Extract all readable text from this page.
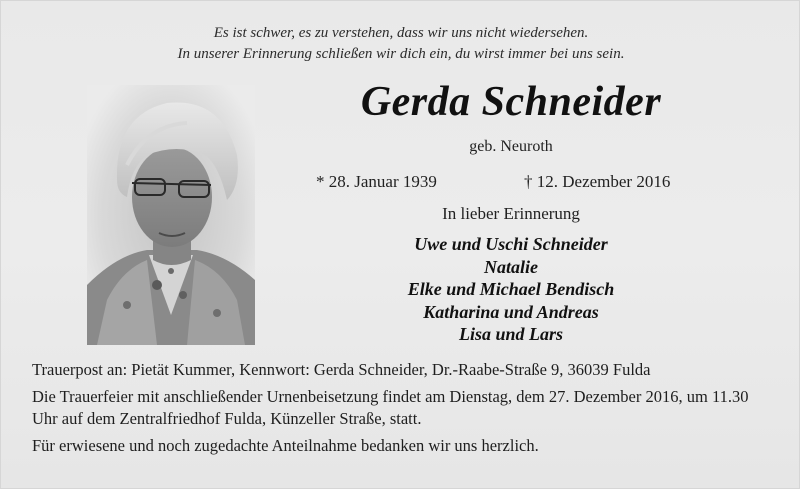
Es ist schwer, es zu verstehen, dass wir uns nicht wiedersehen.
In unserer Erinnerung schließen wir dich ein, du wirst immer bei uns sein.
Gerda Schneider
geb. Neuroth
* 28. Januar 1939	† 12. Dezember 2016
In lieber Erinnerung
Uwe und Uschi Schneider
Natalie
Elke und Michael Bendisch
Katharina und Andreas
Lisa und Lars

Trauerpost an: Pietät Kummer, Kennwort: Gerda Schneider, Dr.-Raabe-Straße 9, 36039 Fulda

Die Trauerfeier mit anschließender Urnenbeisetzung findet am Dienstag, dem 27. Dezember 2016, um 11.30 Uhr auf dem Zentralfriedhof Fulda, Künzeller Straße, statt.

Für erwiesene und noch zugedachte Anteilnahme bedanken wir uns herzlich.
